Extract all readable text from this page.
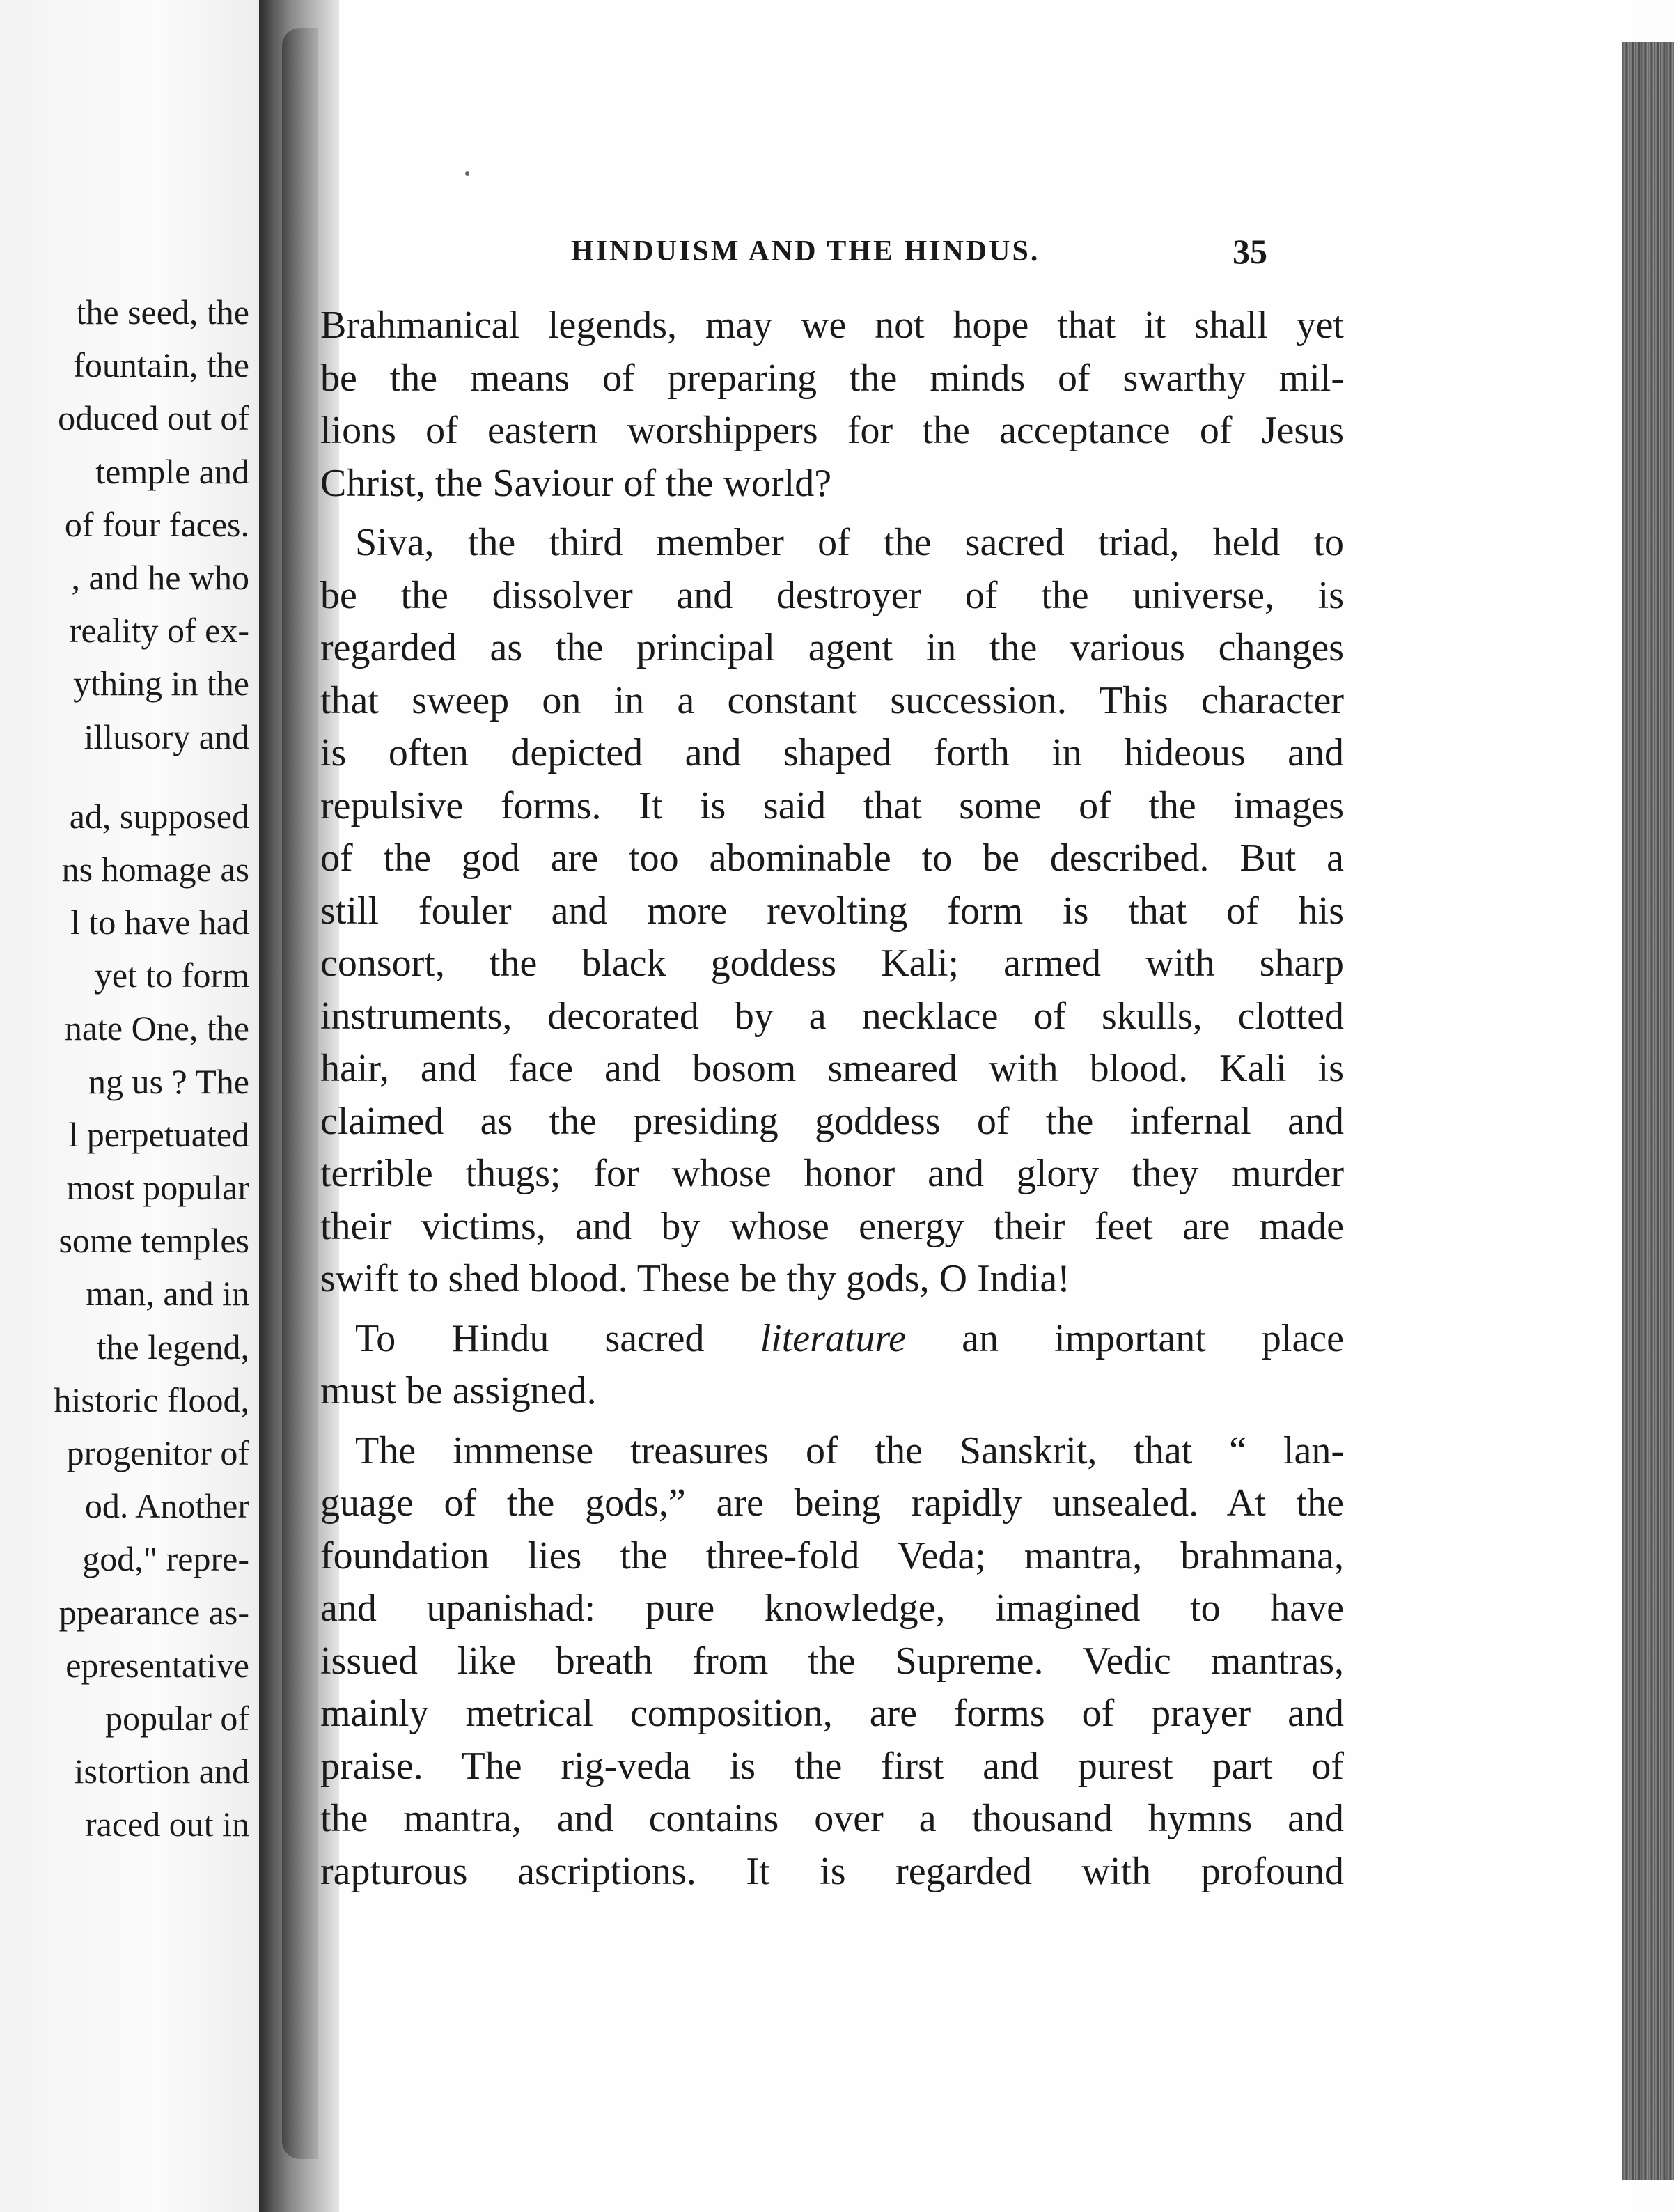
the seed, the
fountain, the
oduced out of
temple and
of four faces.
, and he who
reality of ex-
ything in the
illusory and
ad, supposed
ns homage as
l to have had
yet to form
nate One, the
ng us ? The
l perpetuated
most popular
some temples
man, and in
the legend,
historic flood,
progenitor of
od. Another
god," repre-
ppearance as-
epresentative
popular of
istortion and
raced out in
HINDUISM AND THE HINDUS.	35

Brahmanical legends, may we not hope that it shall yet
be the means of preparing the minds of swarthy mil-
lions of eastern worshippers for the acceptance of Jesus
Christ, the Saviour of the world?

Siva, the third member of the sacred triad, held to
be the dissolver and destroyer of the universe, is
regarded as the principal agent in the various changes
that sweep on in a constant succession. This character
is often depicted and shaped forth in hideous and
repulsive forms. It is said that some of the images
of the god are too abominable to be described. But a
still fouler and more revolting form is that of his
consort, the black goddess Kali; armed with sharp
instruments, decorated by a necklace of skulls, clotted
hair, and face and bosom smeared with blood. Kali is
claimed as the presiding goddess of the infernal and
terrible thugs; for whose honor and glory they murder
their victims, and by whose energy their feet are made
swift to shed blood. These be thy gods, O India!

To Hindu sacred literature an important place
must be assigned.

The immense treasures of the Sanskrit, that “ lan-
guage of the gods,” are being rapidly unsealed. At the
foundation lies the three-fold Veda; mantra, brahmana,
and upanishad: pure knowledge, imagined to have
issued like breath from the Supreme. Vedic mantras,
mainly metrical composition, are forms of prayer and
praise. The rig-veda is the first and purest part of
the mantra, and contains over a thousand hymns and
rapturous ascriptions. It is regarded with profound
